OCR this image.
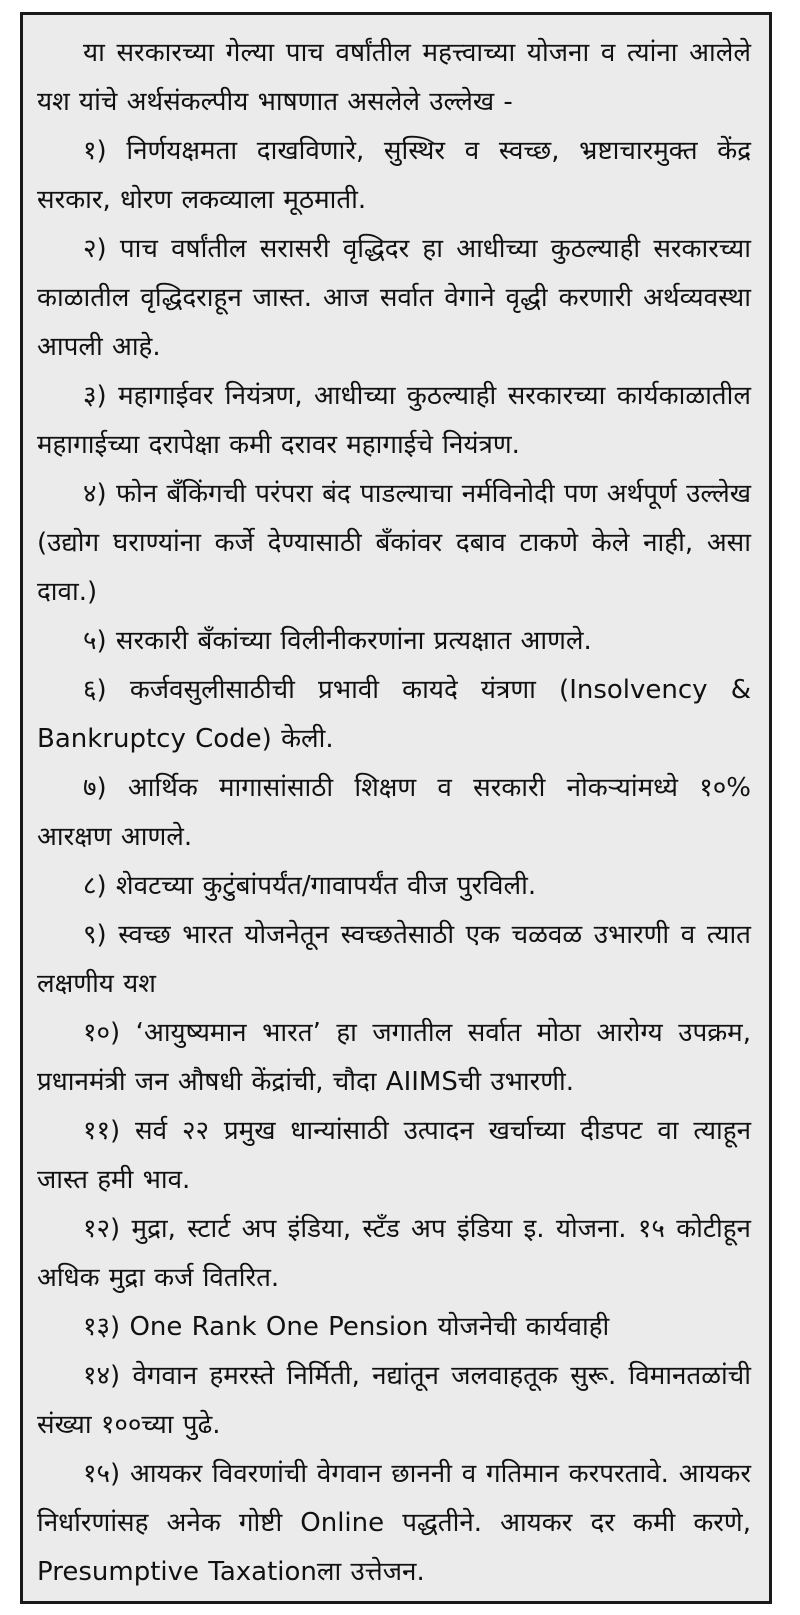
या सरकारच्या गेल्या पाच वर्षांतील महत्त्वाच्या योजना व त्यांना आलेले यश यांचे अर्थसंकल्पीय भाषणात असलेले उल्लेख -

१) निर्णयक्षमता दाखविणारे, सुस्थिर व स्वच्छ, भ्रष्टाचारमुक्त केंद्र सरकार, धोरण लकव्याला मूठमाती.

२) पाच वर्षांतील सरासरी वृद्धिदर हा आधीच्या कुठल्याही सरकारच्या काळातील वृद्धिदराहून जास्त. आज सर्वात वेगाने वृद्धी करणारी अर्थव्यवस्था आपली आहे.

३) महागाईवर नियंत्रण, आधीच्या कुठल्याही सरकारच्या कार्यकाळातील महागाईच्या दरापेक्षा कमी दरावर महागाईचे नियंत्रण.

४) फोन बँकिंगची परंपरा बंद पाडल्याचा नर्मविनोदी पण अर्थपूर्ण उल्लेख (उद्योग घराण्यांना कर्जे देण्यासाठी बँकांवर दबाव टाकणे केले नाही, असा दावा.)

५) सरकारी बँकांच्या विलीनीकरणांना प्रत्यक्षात आणले.

६) कर्जवसुलीसाठीची प्रभावी कायदे यंत्रणा (Insolvency & Bankruptcy Code) केली.

७) आर्थिक मागासांसाठी शिक्षण व सरकारी नोकऱ्यांमध्ये १०% आरक्षण आणले.

८) शेवटच्या कुटुंबांपर्यंत/गावापर्यंत वीज पुरविली.

९) स्वच्छ भारत योजनेतून स्वच्छतेसाठी एक चळवळ उभारणी व त्यात लक्षणीय यश

१०) ‘आयुष्यमान भारत’ हा जगातील सर्वात मोठा आरोग्य उपक्रम, प्रधानमंत्री जन औषधी केंद्रांची, चौदा AIIMSची उभारणी.

११) सर्व २२ प्रमुख धान्यांसाठी उत्पादन खर्चाच्या दीडपट वा त्याहून जास्त हमी भाव.

१२) मुद्रा, स्टार्ट अप इंडिया, स्टँड अप इंडिया इ. योजना. १५ कोटीहून अधिक मुद्रा कर्ज वितरित.

१३) One Rank One Pension योजनेची कार्यवाही

१४) वेगवान हमरस्ते निर्मिती, नद्यांतून जलवाहतूक सुरू. विमानतळांची संख्या १००च्या पुढे.

१५) आयकर विवरणांची वेगवान छाननी व गतिमान करपरतावे. आयकर निर्धारणांसह अनेक गोष्टी Online पद्धतीने. आयकर दर कमी करणे, Presumptive Taxationला उत्तेजन.
